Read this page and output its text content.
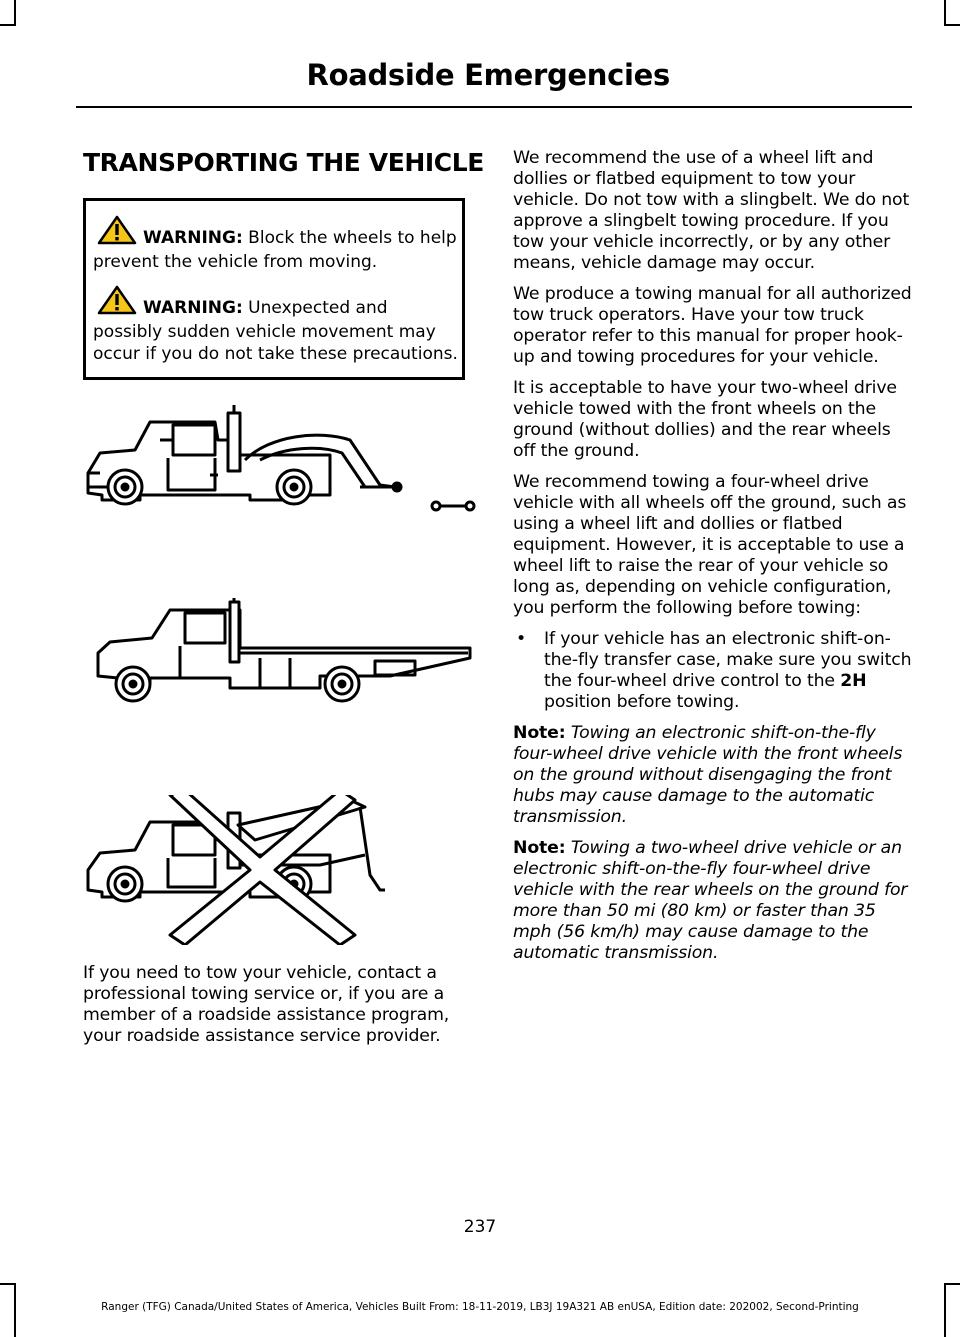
Roadside Emergencies
TRANSPORTING THE VEHICLE

WARNING: Block the wheels to help prevent the vehicle from moving.

WARNING: Unexpected and possibly sudden vehicle movement may occur if you do not take these precautions.

If you need to tow your vehicle, contact a professional towing service or, if you are a member of a roadside assistance program, your roadside assistance service provider.

We recommend the use of a wheel lift and dollies or flatbed equipment to tow your vehicle. Do not tow with a slingbelt. We do not approve a slingbelt towing procedure. If you tow your vehicle incorrectly, or by any other means, vehicle damage may occur.

We produce a towing manual for all authorized tow truck operators. Have your tow truck operator refer to this manual for proper hook-up and towing procedures for your vehicle.

It is acceptable to have your two-wheel drive vehicle towed with the front wheels on the ground (without dollies) and the rear wheels off the ground.

We recommend towing a four-wheel drive vehicle with all wheels off the ground, such as using a wheel lift and dollies or flatbed equipment. However, it is acceptable to use a wheel lift to raise the rear of your vehicle so long as, depending on vehicle configuration, you perform the following before towing:

• If your vehicle has an electronic shift-on-the-fly transfer case, make sure you switch the four-wheel drive control to the 2H position before towing.

Note: Towing an electronic shift-on-the-fly four-wheel drive vehicle with the front wheels on the ground without disengaging the front hubs may cause damage to the automatic transmission.

Note: Towing a two-wheel drive vehicle or an electronic shift-on-the-fly four-wheel drive vehicle with the rear wheels on the ground for more than 50 mi (80 km) or faster than 35 mph (56 km/h) may cause damage to the automatic transmission.

237
Ranger (TFG) Canada/United States of America, Vehicles Built From: 18-11-2019, LB3J 19A321 AB enUSA, Edition date: 202002, Second-Printing
